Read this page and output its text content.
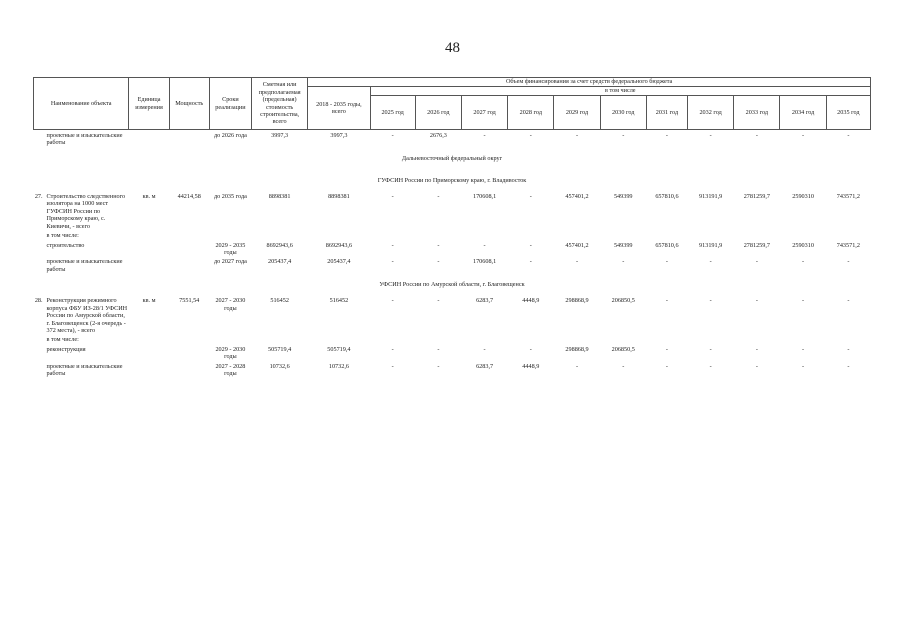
48
Наименование объекта		Единица измерения	Мощность	Сроки реализации	Сметная или предполагаемая (предельная) стоимость строительства, всего	Объем финансирования за счет средств федерального бюджета											
						2018 - 2035 годы, всего	в том числе										
							2025 год	2026 год	2027 год	2028 год	2029 год	2030 год	2031 год	2032 год	2033 год	2034 год	2035 год

	проектные и изыскательские работы			до 2026 года	3997,3	3997,3	-	2676,3	-	-	-	-	-	-	-	-	-

Дальневосточный федеральный округ																	

ГУФСИН России по Приморскому краю, г. Владивосток																	

27.	Строительство следственного изолятора на 1000 мест ГУФСИН России по Приморскому краю, с. Киевичи, - всего	кв. м	44214,58	до 2035 года	8898381	8898381	-	-	170608,1	-	457401,2	549399	657810,6	913191,9	2781259,7	2590310	743571,2

	в том числе:																

	строительство			2029 - 2035 годы	8692943,6	8692943,6	-	-	-	-	457401,2	549399	657810,6	913191,9	2781259,7	2590310	743571,2

	проектные и изыскательские работы			до 2027 года	205437,4	205437,4	-	-	170608,1	-	-	-	-	-	-	-	-

УФСИН России по Амурской области, г. Благовещенск																	

28.	Реконструкция режимного корпуса ФБУ ИЗ-28/1 УФСИН России по Амурской области, г. Благовещенск (2-я очередь - 372 места), - всего	кв. м	7551,54	2027 - 2030 годы	516452	516452	-	-	6283,7	4448,9	298868,9	206850,5	-	-	-	-	-

	в том числе:																

	реконструкция			2029 - 2030 годы	505719,4	505719,4	-	-	-	-	298868,9	206850,5	-	-	-	-	-

	проектные и изыскательские работы			2027 - 2028 годы	10732,6	10732,6	-	-	6283,7	4448,9	-	-	-	-	-	-	-
